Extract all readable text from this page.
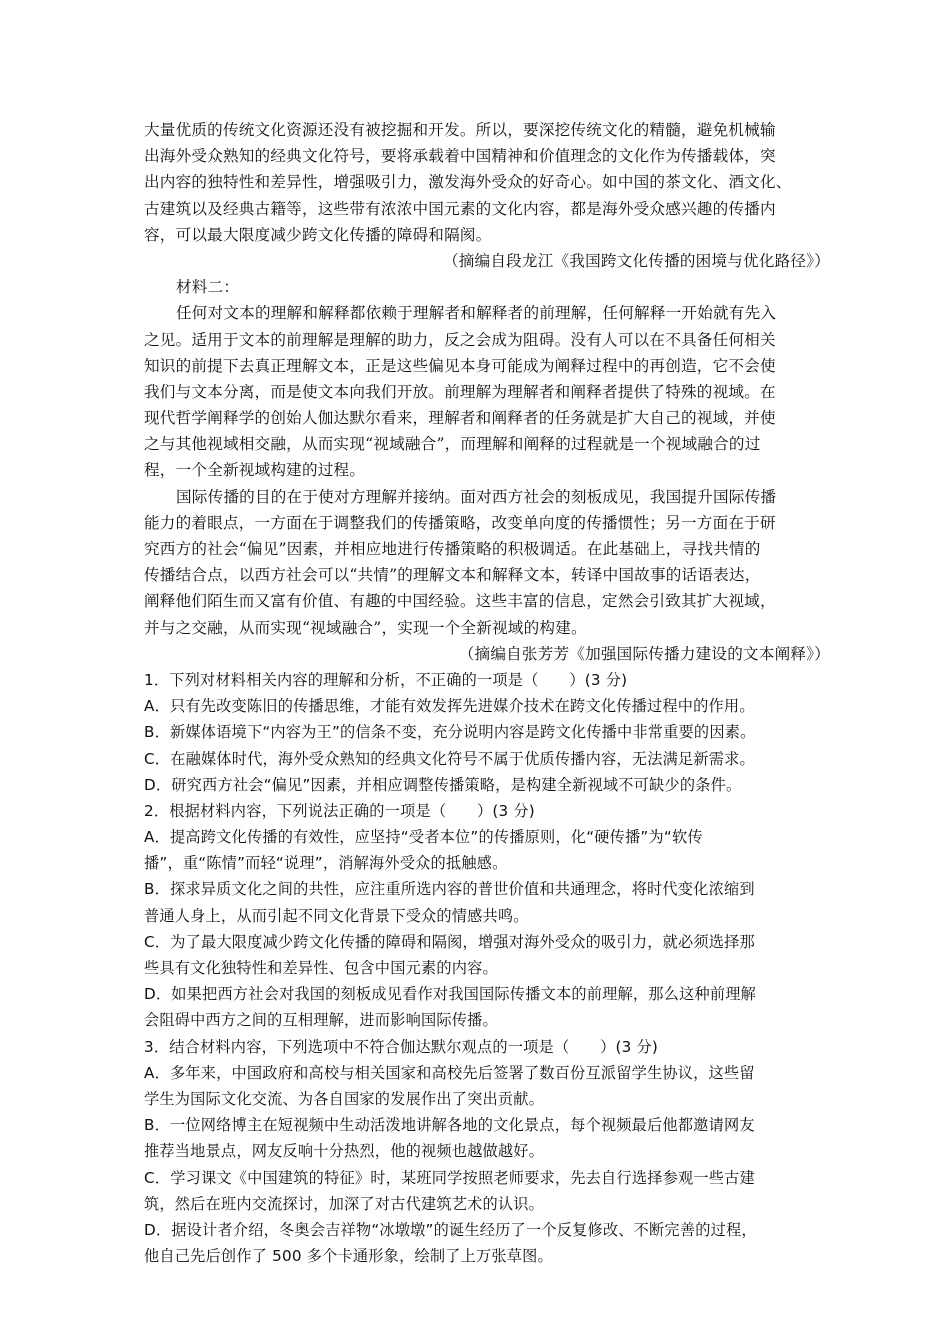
大量优质的传统文化资源还没有被挖掘和开发。所以，要深挖传统文化的精髓，避免机械输
出海外受众熟知的经典文化符号，要将承载着中国精神和价值理念的文化作为传播载体，突
出内容的独特性和差异性，增强吸引力，激发海外受众的好奇心。如中国的茶文化、酒文化、
古建筑以及经典古籍等，这些带有浓浓中国元素的文化内容，都是海外受众感兴趣的传播内
容，可以最大限度减少跨文化传播的障碍和隔阂。
（摘编自段龙江《我国跨文化传播的困境与优化路径》）
材料二：
任何对文本的理解和解释都依赖于理解者和解释者的前理解，任何解释一开始就有先入
之见。适用于文本的前理解是理解的助力，反之会成为阻碍。没有人可以在不具备任何相关
知识的前提下去真正理解文本，正是这些偏见本身可能成为阐释过程中的再创造，它不会使
我们与文本分离，而是使文本向我们开放。前理解为理解者和阐释者提供了特殊的视域。在
现代哲学阐释学的创始人伽达默尔看来，理解者和阐释者的任务就是扩大自己的视域，并使
之与其他视域相交融，从而实现“视域融合”，而理解和阐释的过程就是一个视域融合的过
程，一个全新视域构建的过程。
国际传播的目的在于使对方理解并接纳。面对西方社会的刻板成见，我国提升国际传播
能力的着眼点，一方面在于调整我们的传播策略，改变单向度的传播惯性；另一方面在于研
究西方的社会“偏见”因素，并相应地进行传播策略的积极调适。在此基础上，寻找共情的
传播结合点，以西方社会可以“共情”的理解文本和解释文本，转译中国故事的话语表达，
阐释他们陌生而又富有价值、有趣的中国经验。这些丰富的信息，定然会引致其扩大视域，
并与之交融，从而实现“视域融合”，实现一个全新视域的构建。
（摘编自张芳芳《加强国际传播力建设的文本阐释》）
1．下列对材料相关内容的理解和分析，不正确的一项是（　　）(3 分)
A．只有先改变陈旧的传播思维，才能有效发挥先进媒介技术在跨文化传播过程中的作用。
B．新媒体语境下“内容为王”的信条不变，充分说明内容是跨文化传播中非常重要的因素。
C．在融媒体时代，海外受众熟知的经典文化符号不属于优质传播内容，无法满足新需求。
D．研究西方社会“偏见”因素，并相应调整传播策略，是构建全新视域不可缺少的条件。
2．根据材料内容，下列说法正确的一项是（　　）(3 分)
A．提高跨文化传播的有效性，应坚持“受者本位”的传播原则，化“硬传播”为“软传
播”，重“陈情”而轻“说理”，消解海外受众的抵触感。
B．探求异质文化之间的共性，应注重所选内容的普世价值和共通理念，将时代变化浓缩到
普通人身上，从而引起不同文化背景下受众的情感共鸣。
C．为了最大限度减少跨文化传播的障碍和隔阂，增强对海外受众的吸引力，就必须选择那
些具有文化独特性和差异性、包含中国元素的内容。
D．如果把西方社会对我国的刻板成见看作对我国国际传播文本的前理解，那么这种前理解
会阻碍中西方之间的互相理解，进而影响国际传播。
3．结合材料内容，下列选项中不符合伽达默尔观点的一项是（　　）(3 分)
A．多年来，中国政府和高校与相关国家和高校先后签署了数百份互派留学生协议，这些留
学生为国际文化交流、为各自国家的发展作出了突出贡献。
B．一位网络博主在短视频中生动活泼地讲解各地的文化景点，每个视频最后他都邀请网友
推荐当地景点，网友反响十分热烈，他的视频也越做越好。
C．学习课文《中国建筑的特征》时，某班同学按照老师要求，先去自行选择参观一些古建
筑，然后在班内交流探讨，加深了对古代建筑艺术的认识。
D．据设计者介绍，冬奥会吉祥物“冰墩墩”的诞生经历了一个反复修改、不断完善的过程，
他自己先后创作了 500 多个卡通形象，绘制了上万张草图。
